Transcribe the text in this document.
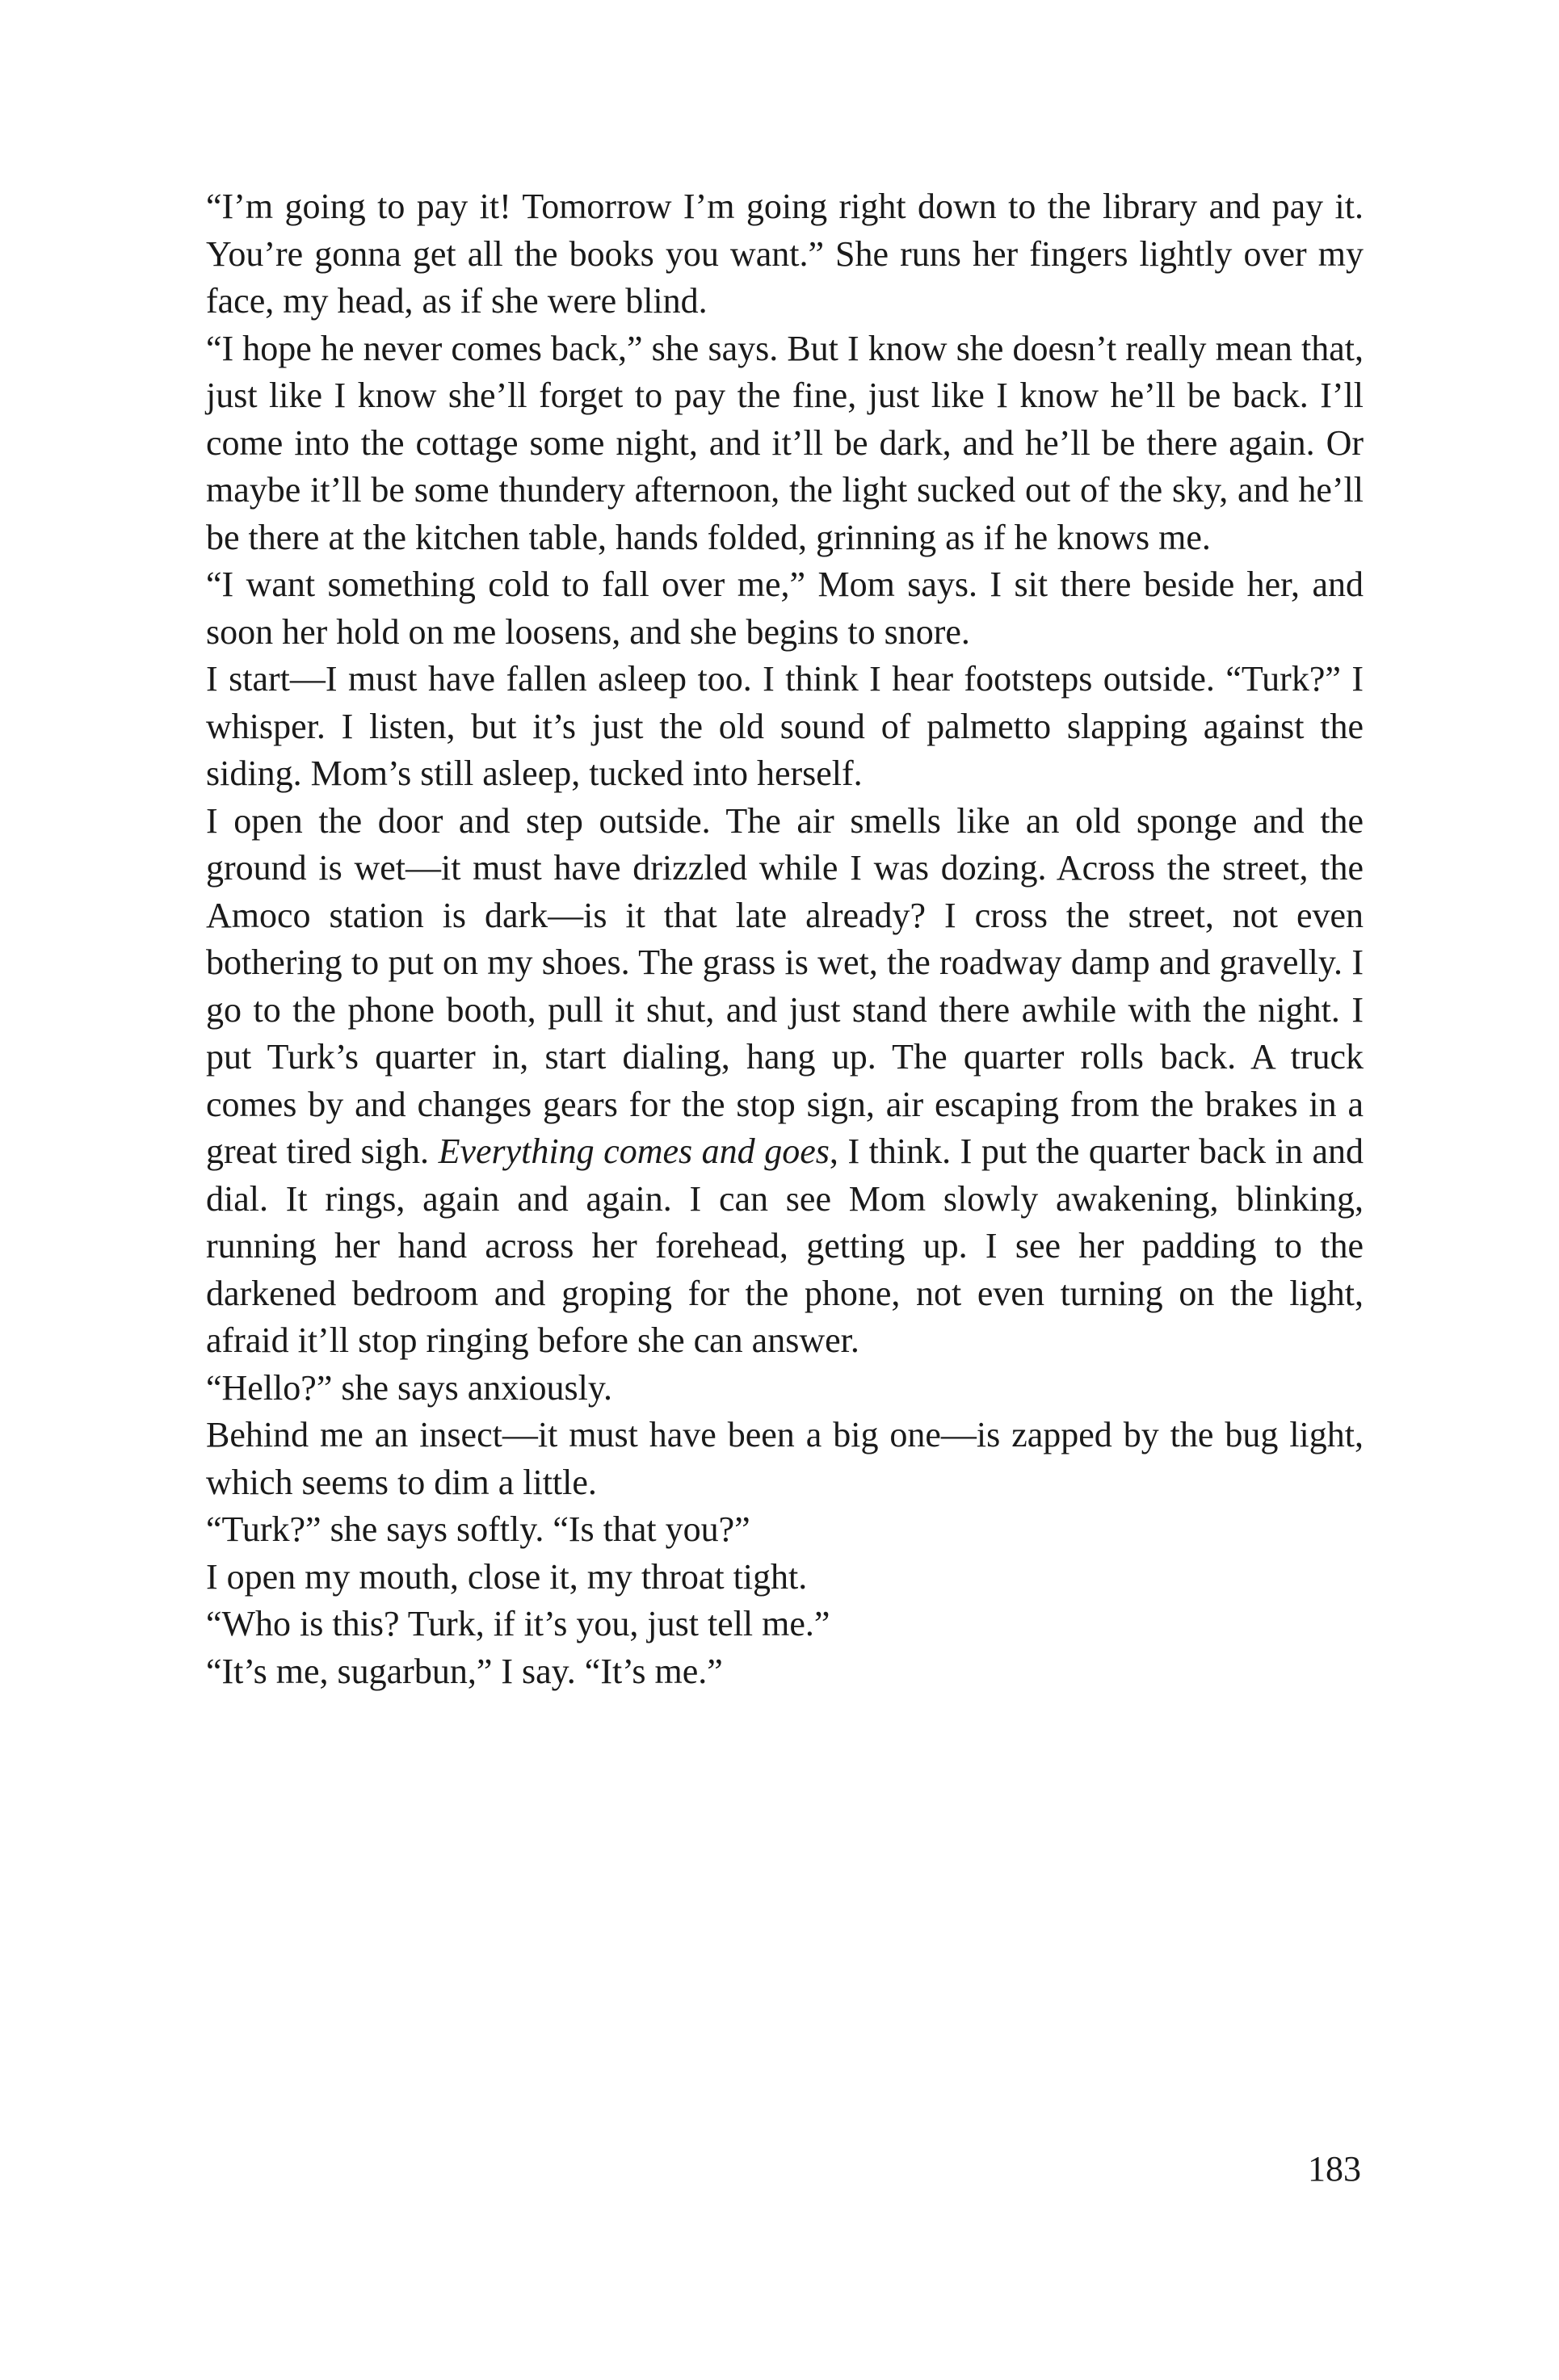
“I’m going to pay it! Tomorrow I’m going right down to the library and pay it. You’re gonna get all the books you want.” She runs her fingers lightly over my face, my head, as if she were blind.

“I hope he never comes back,” she says. But I know she doesn’t really mean that, just like I know she’ll forget to pay the fine, just like I know he’ll be back. I’ll come into the cottage some night, and it’ll be dark, and he’ll be there again. Or maybe it’ll be some thundery afternoon, the light sucked out of the sky, and he’ll be there at the kitchen table, hands folded, grinning as if he knows me.

“I want something cold to fall over me,” Mom says. I sit there beside her, and soon her hold on me loosens, and she begins to snore.

I start—I must have fallen asleep too. I think I hear footsteps outside. “Turk?” I whisper. I listen, but it’s just the old sound of palmetto slapping against the siding. Mom’s still asleep, tucked into herself.

I open the door and step outside. The air smells like an old sponge and the ground is wet—it must have drizzled while I was dozing. Across the street, the Amoco station is dark—is it that late already? I cross the street, not even bothering to put on my shoes. The grass is wet, the roadway damp and gravelly. I go to the phone booth, pull it shut, and just stand there awhile with the night. I put Turk’s quarter in, start dialing, hang up. The quarter rolls back. A truck comes by and changes gears for the stop sign, air escaping from the brakes in a great tired sigh. Everything comes and goes, I think. I put the quarter back in and dial. It rings, again and again. I can see Mom slowly awakening, blinking, running her hand across her forehead, getting up. I see her padding to the darkened bedroom and groping for the phone, not even turning on the light, afraid it’ll stop ringing before she can answer.

“Hello?” she says anxiously.

Behind me an insect—it must have been a big one—is zapped by the bug light, which seems to dim a little.

“Turk?” she says softly. “Is that you?”

I open my mouth, close it, my throat tight.

“Who is this? Turk, if it’s you, just tell me.”

“It’s me, sugarbun,” I say. “It’s me.”

183
